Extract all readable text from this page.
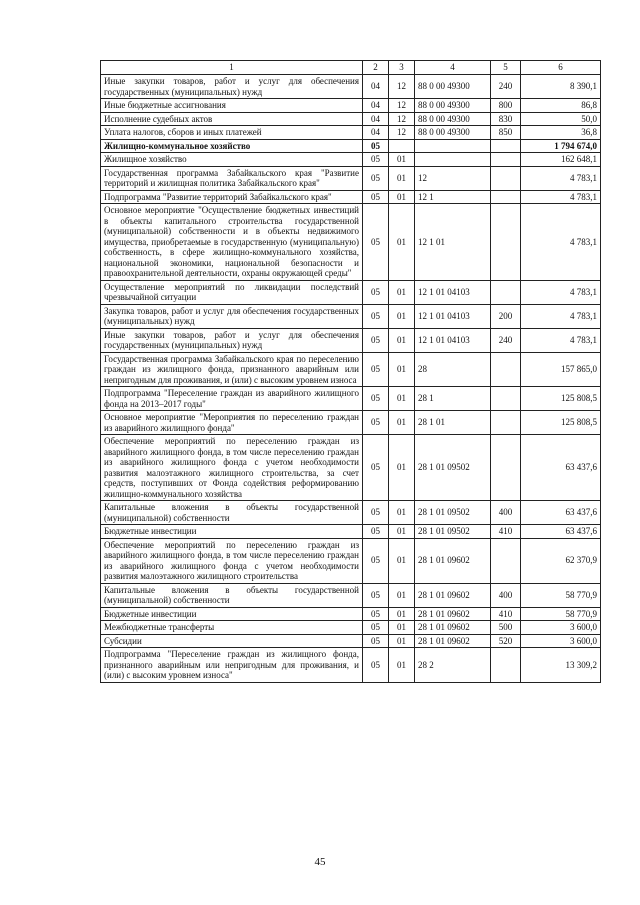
1	2	3	4	5	6
Иные закупки товаров, работ и услуг для обеспечения государственных (муниципальных) нужд	04	12	88 0 00 49300	240	8 390,1
Иные бюджетные ассигнования	04	12	88 0 00 49300	800	86,8
Исполнение судебных актов	04	12	88 0 00 49300	830	50,0
Уплата налогов, сборов и иных платежей	04	12	88 0 00 49300	850	36,8
Жилищно-коммунальное хозяйство	05				1 794 674,0
Жилищное хозяйство	05	01			162 648,1
Государственная программа Забайкальского края "Развитие территорий и жилищная политика Забайкальского края"	05	01	12		4 783,1
Подпрограмма "Развитие территорий Забайкальского края"	05	01	12 1		4 783,1
Основное мероприятие "Осуществление бюджетных инвестиций в объекты капитального строительства государственной (муниципальной) собственности и в объекты недвижимого имущества, приобретаемые в государственную (муниципальную) собственность, в сфере жилищно-коммунального хозяйства, национальной экономики, национальной безопасности и правоохранительной деятельности, охраны окружающей среды"	05	01	12 1 01		4 783,1
Осуществление мероприятий по ликвидации последствий чрезвычайной ситуации	05	01	12 1 01 04103		4 783,1
Закупка товаров, работ и услуг для обеспечения государственных (муниципальных) нужд	05	01	12 1 01 04103	200	4 783,1
Иные закупки товаров, работ и услуг для обеспечения государственных (муниципальных) нужд	05	01	12 1 01 04103	240	4 783,1
Государственная программа Забайкальского края по переселению граждан из жилищного фонда, признанного аварийным или непригодным для проживания, и (или) с высоким уровнем износа	05	01	28		157 865,0
Подпрограмма "Переселение граждан из аварийного жилищного фонда на 2013–2017 годы"	05	01	28 1		125 808,5
Основное мероприятие "Мероприятия по переселению граждан из аварийного жилищного фонда"	05	01	28 1 01		125 808,5
Обеспечение мероприятий по переселению граждан из аварийного жилищного фонда, в том числе переселению граждан из аварийного жилищного фонда с учетом необходимости развития малоэтажного жилищного строительства, за счет средств, поступивших от Фонда содействия реформированию жилищно-коммунального хозяйства	05	01	28 1 01 09502		63 437,6
Капитальные вложения в объекты государственной (муниципальной) собственности	05	01	28 1 01 09502	400	63 437,6
Бюджетные инвестиции	05	01	28 1 01 09502	410	63 437,6
Обеспечение мероприятий по переселению граждан из аварийного жилищного фонда, в том числе переселению граждан из аварийного жилищного фонда с учетом необходимости развития малоэтажного жилищного строительства	05	01	28 1 01 09602		62 370,9
Капитальные вложения в объекты государственной (муниципальной) собственности	05	01	28 1 01 09602	400	58 770,9
Бюджетные инвестиции	05	01	28 1 01 09602	410	58 770,9
Межбюджетные трансферты	05	01	28 1 01 09602	500	3 600,0
Субсидии	05	01	28 1 01 09602	520	3 600,0
Подпрограмма "Переселение граждан из жилищного фонда, признанного аварийным или непригодным для проживания, и (или) с высоким уровнем износа"	05	01	28 2		13 309,2
45
